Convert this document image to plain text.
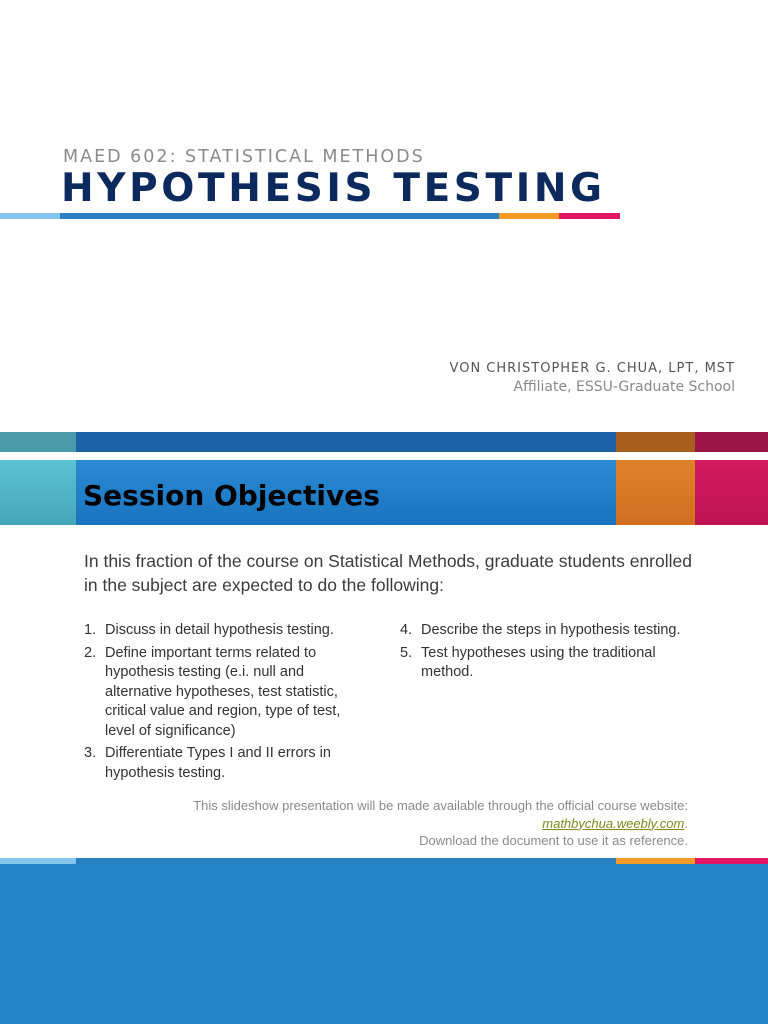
MAED 602: STATISTICAL METHODS
HYPOTHESIS TESTING
VON CHRISTOPHER G. CHUA, LPT, MST
Affiliate, ESSU-Graduate School
Session Objectives
In this fraction of the course on Statistical Methods, graduate students enrolled in the subject are expected to do the following:
1. Discuss in detail hypothesis testing.
2. Define important terms related to hypothesis testing (e.i. null and alternative hypotheses, test statistic, critical value and region, type of test, level of significance)
3. Differentiate Types I and II errors in hypothesis testing.
4. Describe the steps in hypothesis testing.
5. Test hypotheses using the traditional method.
This slideshow presentation will be made available through the official course website:
mathbychua.weebly.com.
Download the document to use it as reference.
